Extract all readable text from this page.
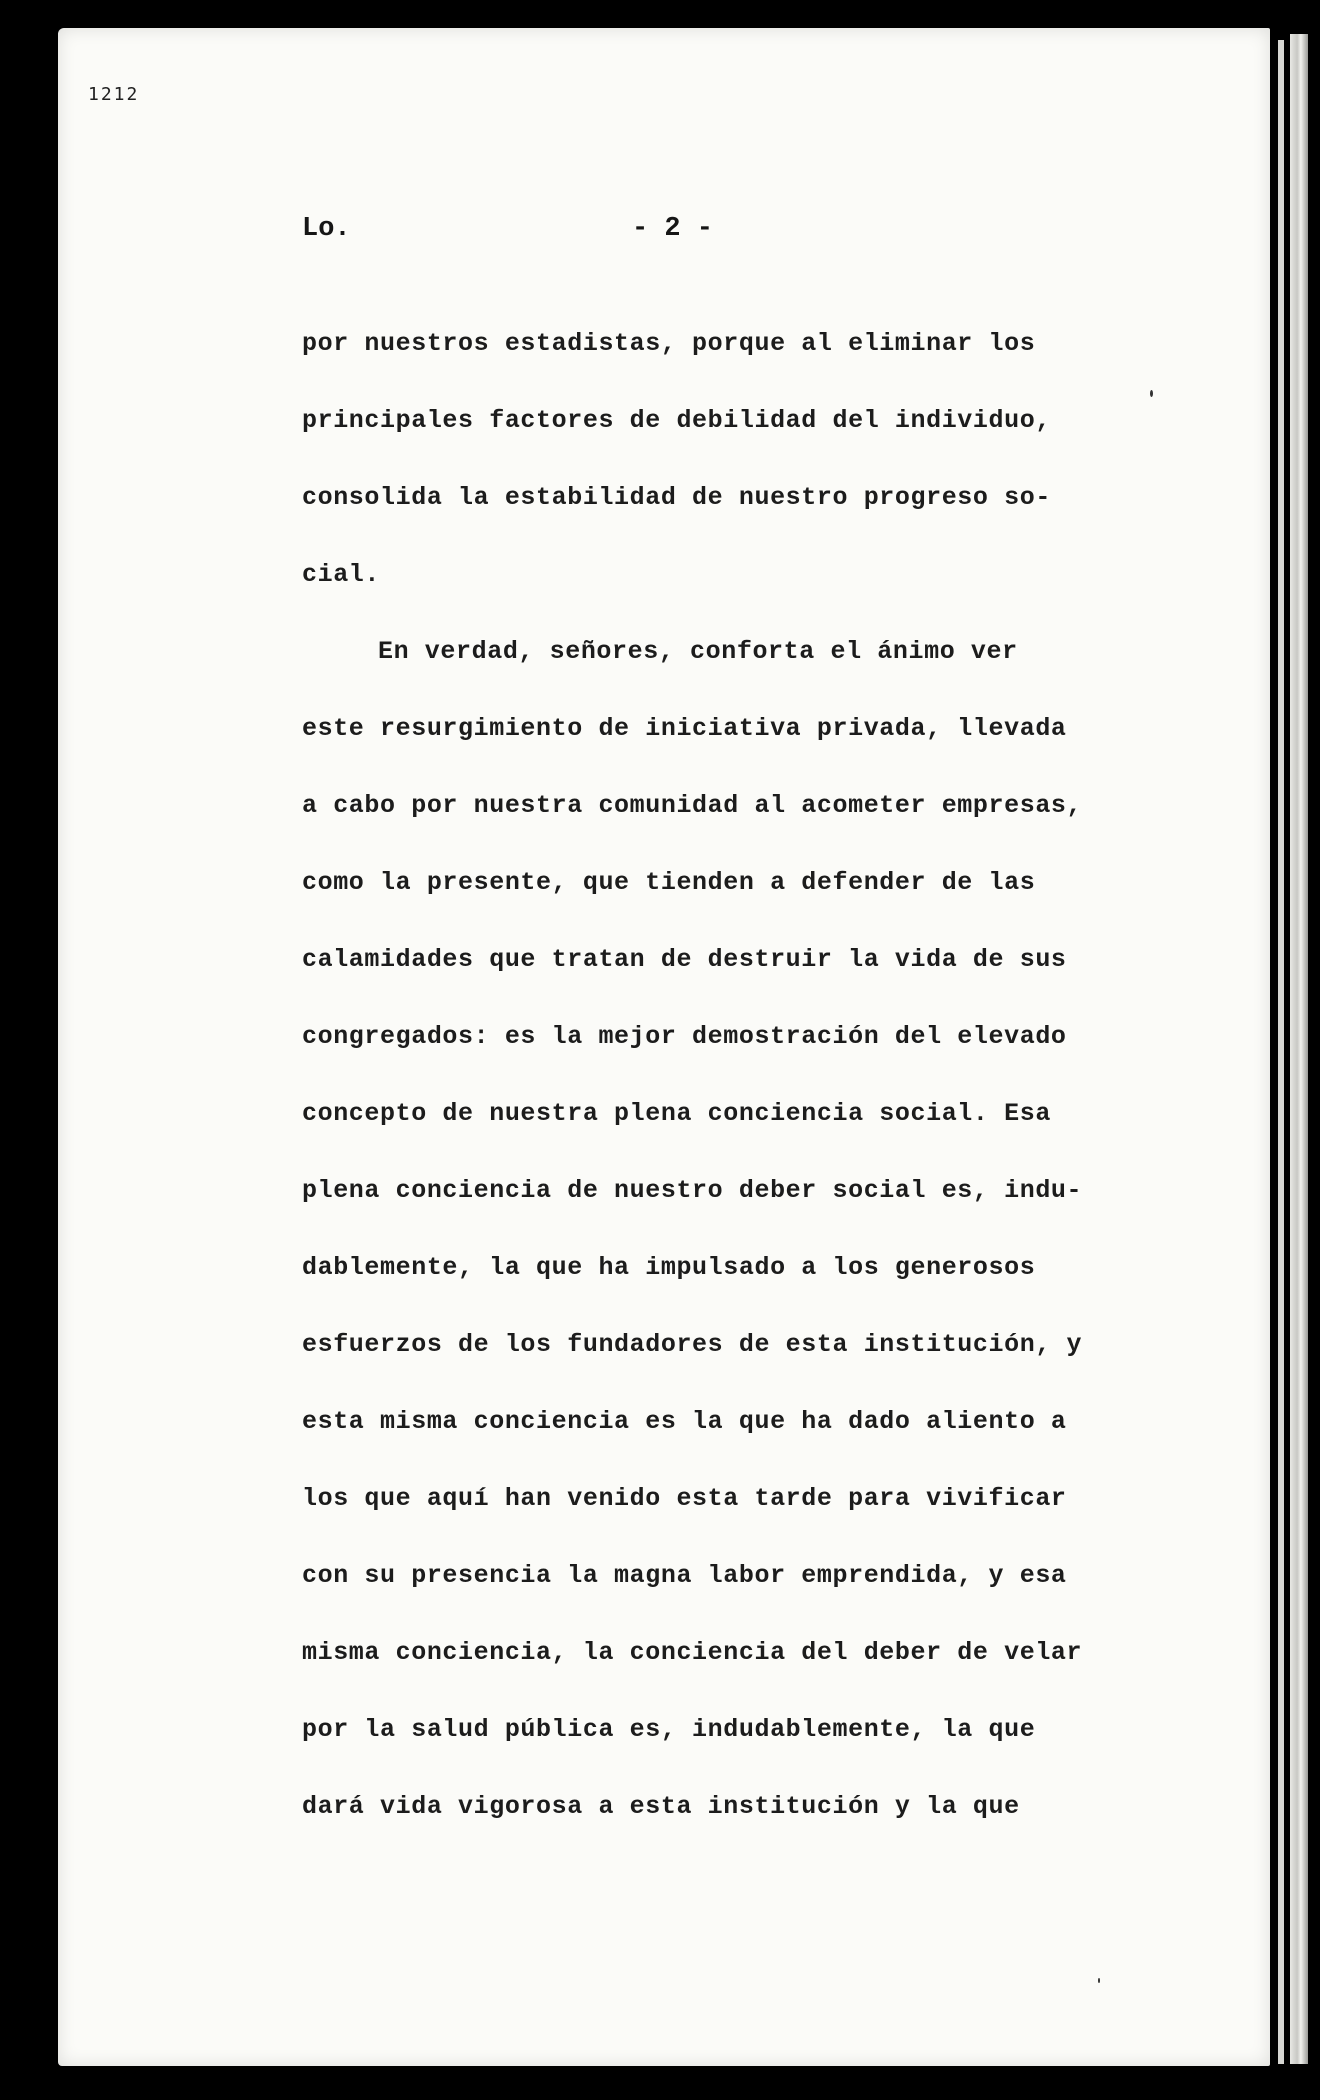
1212
Lo.	- 2 -
por nuestros estadistas, porque al eliminar los
principales factores de debilidad del individuo,
consolida la estabilidad de nuestro progreso so-
cial.
En verdad, señores, conforta el ánimo ver
este resurgimiento de iniciativa privada, llevada
a cabo por nuestra comunidad al acometer empresas,
como la presente, que tienden a defender de las
calamidades que tratan de destruir la vida de sus
congregados: es la mejor demostración del elevado
concepto de nuestra plena conciencia social. Esa
plena conciencia de nuestro deber social es, indu-
dablemente, la que ha impulsado a los generosos
esfuerzos de los fundadores de esta institución, y
esta misma conciencia es la que ha dado aliento a
los que aquí han venido esta tarde para vivificar
con su presencia la magna labor emprendida, y esa
misma conciencia, la conciencia del deber de velar
por la salud pública es, indudablemente, la que
dará vida vigorosa a esta institución y la que
